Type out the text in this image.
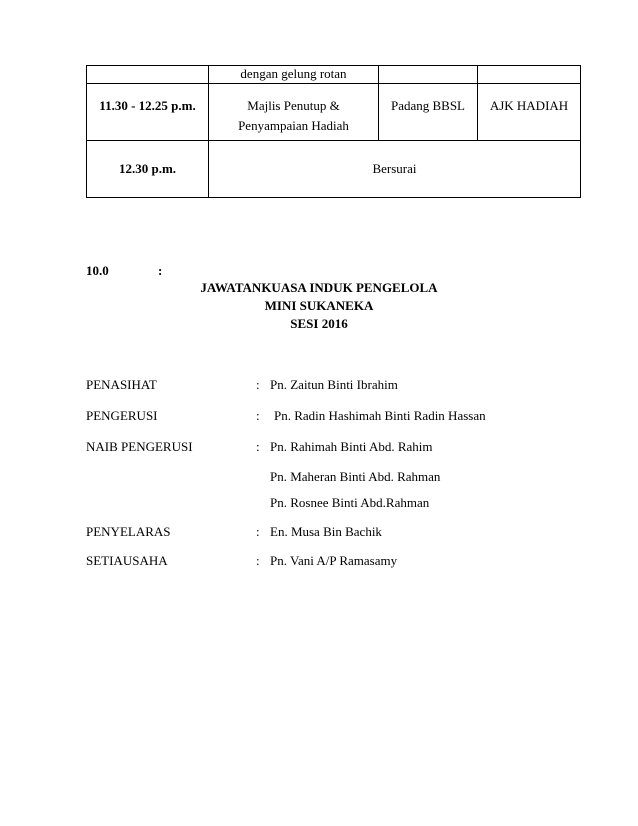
	dengan gelung rotan		
11.30 - 12.25 p.m.	Majlis Penutup &
Penyampaian Hadiah	Padang BBSL	AJK HADIAH
12.30 p.m.	Bersurai		
10.0	:
JAWATANKUASA INDUK PENGELOLA
MINI SUKANEKA
SESI 2016
PENASIHAT	: Pn. Zaitun Binti Ibrahim
PENGERUSI	: Pn. Radin Hashimah Binti Radin Hassan
NAIB PENGERUSI	: Pn. Rahimah Binti Abd. Rahim
Pn. Maheran Binti Abd. Rahman
Pn. Rosnee Binti Abd.Rahman
PENYELARAS	: En. Musa Bin Bachik
SETIAUSAHA	: Pn. Vani A/P Ramasamy
